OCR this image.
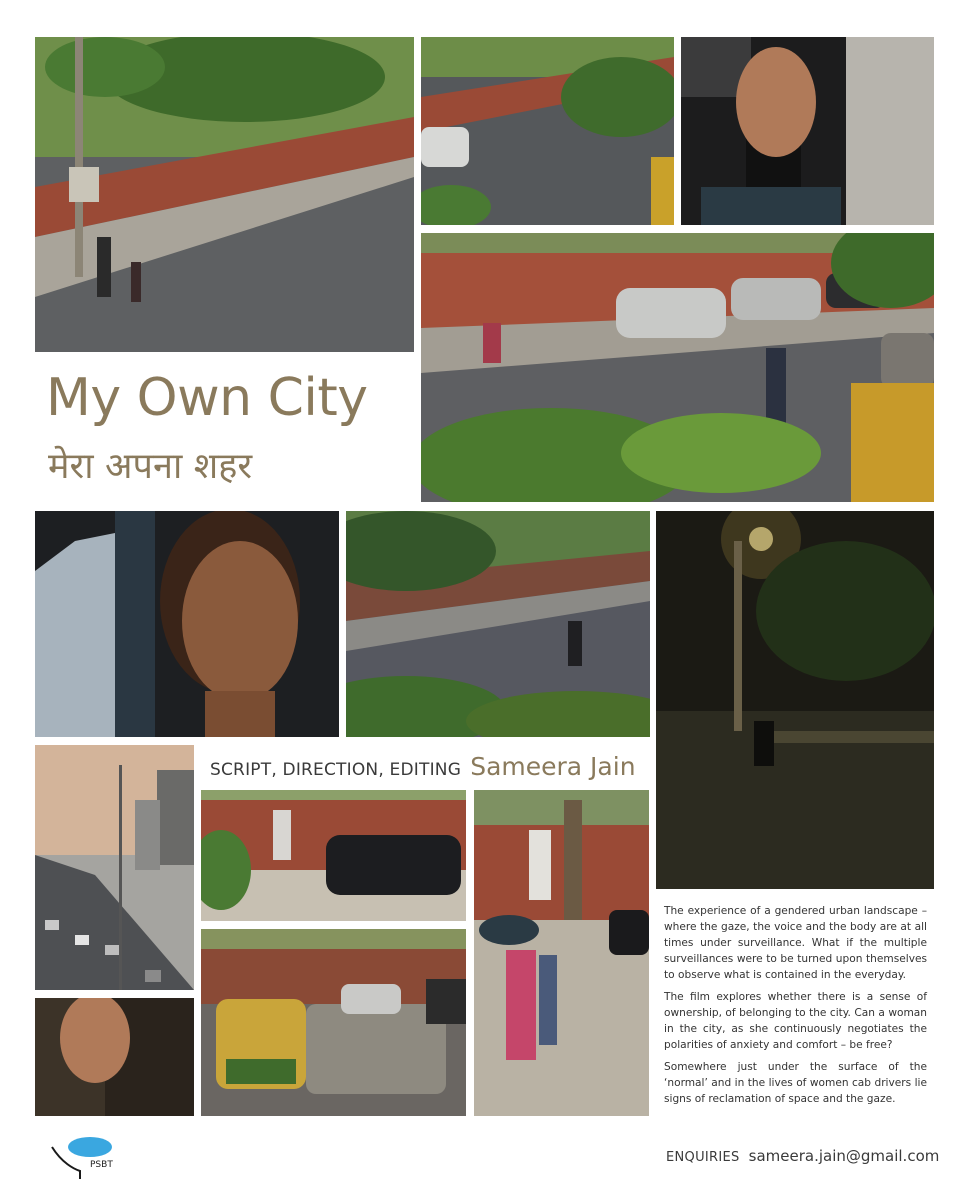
My Own City
मेरा अपना शहर
SCRIPT, DIRECTION, EDITING Sameera Jain

The experience of a gendered urban landscape – where the gaze, the voice and the body are at all times under surveillance. What if the multiple surveillances were to be turned upon themselves to observe what is contained in the everyday.

The film explores whether there is a sense of ownership, of belonging to the city. Can a woman in the city, as she continuously negotiates the polarities of anxiety and comfort – be free?

Somewhere just under the surface of the ‘normal’ and in the lives of women cab drivers lie signs of reclamation of space and the gaze.

PSBT	ENQUIRIES sameera.jain@gmail.com
